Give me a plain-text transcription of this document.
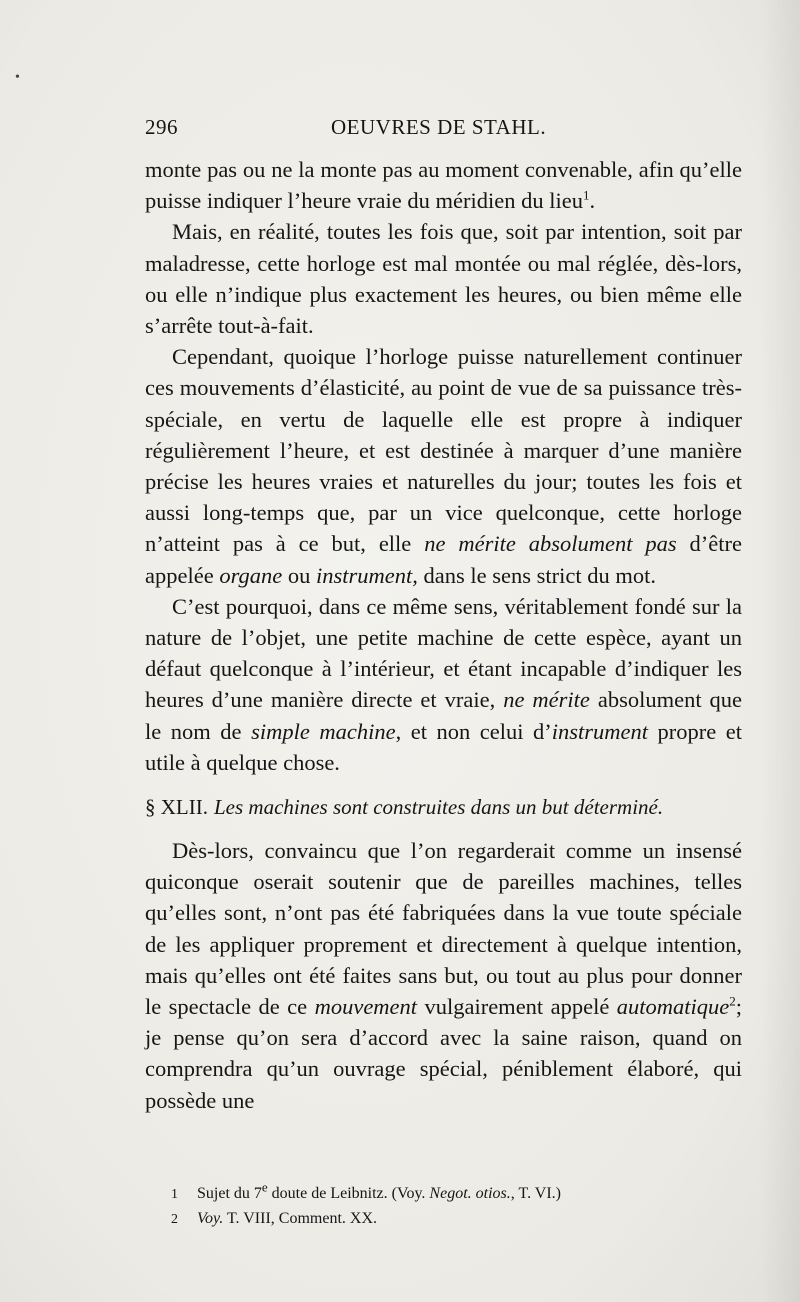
•
296	OEUVRES DE STAHL.

monte pas ou ne la monte pas au moment convenable, afin qu’elle puisse indiquer l’heure vraie du méridien du lieu$^1$.

Mais, en réalité, toutes les fois que, soit par intention, soit par maladresse, cette horloge est mal montée ou mal réglée, dès-lors, ou elle n’indique plus exactement les heures, ou bien même elle s’arrête tout-à-fait.

Cependant, quoique l’horloge puisse naturellement continuer ces mouvements d’élasticité, au point de vue de sa puissance très-spéciale, en vertu de laquelle elle est propre à indiquer régulièrement l’heure, et est destinée à marquer d’une manière précise les heures vraies et naturelles du jour; toutes les fois et aussi long-temps que, par un vice quelconque, cette horloge n’atteint pas à ce but, elle ne mérite absolument pas d’être appelée organe ou instrument, dans le sens strict du mot.

C’est pourquoi, dans ce même sens, véritablement fondé sur la nature de l’objet, une petite machine de cette espèce, ayant un défaut quelconque à l’intérieur, et étant incapable d’indiquer les heures d’une manière directe et vraie, ne mérite absolument que le nom de simple machine, et non celui d’instrument propre et utile à quelque chose.

§ XLII. Les machines sont construites dans un but déterminé.

Dès-lors, convaincu que l’on regarderait comme un insensé quiconque oserait soutenir que de pareilles machines, telles qu’elles sont, n’ont pas été fabriquées dans la vue toute spéciale de les appliquer proprement et directement à quelque intention, mais qu’elles ont été faites sans but, ou tout au plus pour donner le spectacle de ce mouvement vulgairement appelé automatique$^2$; je pense qu’on sera d’accord avec la saine raison, quand on comprendra qu’un ouvrage spécial, péniblement élaboré, qui possède une

1 Sujet du 7e doute de Leibnitz. (Voy. Negot. otios., T. VI.)
2 Voy. T. VIII, Comment. XX.
